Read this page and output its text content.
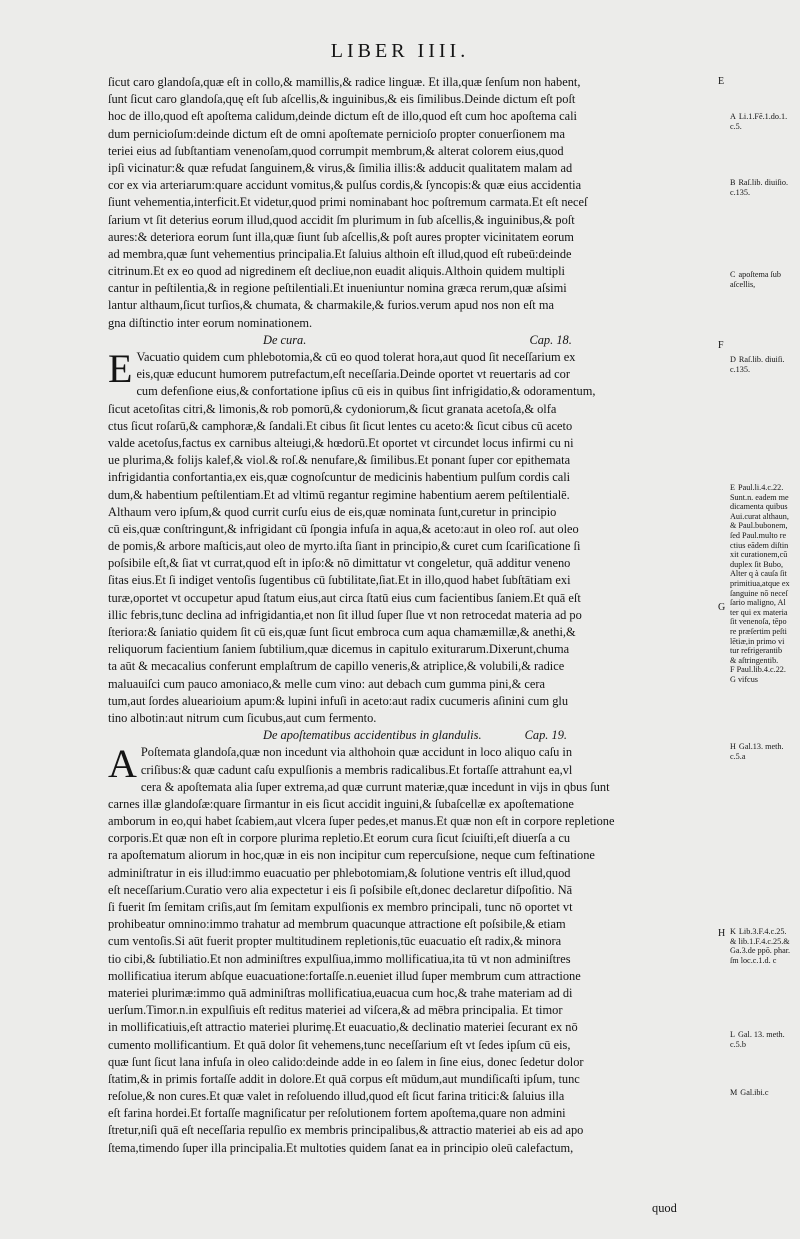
LIBER IIII.
ſicut caro glandoſa,quæ eſt in collo,& mamillis,& radice linguæ. Et illa,quæ ſenſum non habent,
ſunt ſicut caro glandoſa,quę eſt ſub aſcellis,& inguinibus,& eis ſimilibus.Deinde dictum eſt poſt
hoc de illo,quod eſt apoſtema calidum,deinde dictum eſt de illo,quod eſt cum hoc apoſtema cali
dum pernicioſum:deinde dictum eſt de omni apoſtemate pernicioſo propter conuerſionem ma
teriei eius ad ſubſtantiam venenoſam,quod corrumpit membrum,& alterat colorem eius,quod
ipſi vicinatur:& quæ refudat ſanguinem,& virus,& ſimilia illis:& adducit qualitatem malam ad
cor ex via arteriarum:quare accidunt vomitus,& pulſus cordis,& ſyncopis:& quæ eius accidentia
ſiunt vehementia,interficit.Et videtur,quod primi nominabant hoc poſtremum carmata.Et eſt neceſ
ſarium vt ſit deterius eorum illud,quod accidit ſm plurimum in ſub aſcellis,& inguinibus,& poſt
aures:& deteriora eorum ſunt illa,quæ ſiunt ſub aſcellis,& poſt aures propter vicinitatem eorum
ad membra,quæ ſunt vehementius principalia.Et ſaluius althoin eſt illud,quod eſt rubeū:deinde
citrinum.Et ex eo quod ad nigredinem eſt decliue,non euadit aliquis.Althoin quidem multipli
cantur in peſtilentia,& in regione peſtilentiali.Et inueniuntur nomina græca rerum,quæ aſsimi
lantur althaum,ſicut turſios,& chumata, & charmakile,& furios.verum apud nos non eſt ma
gna diſtinctio inter eorum nominationem.
De cura.	Cap. 18.
E Vacuatio quidem cum phlebotomia,& cū eo quod tolerat hora,aut quod ſit neceſſarium ex
eis,quæ educunt humorem putrefactum,eſt neceſſaria.Deinde oportet vt reuertaris ad cor
cum defenſione eius,& confortatione ipſius cū eis in quibus ſint infrigidatio,& odoramentum,
ſicut acetoſitas citri,& limonis,& rob pomorū,& cydoniorum,& ſicut granata acetoſa,& olfa
ctus ſicut roſarū,& camphoræ,& ſandali.Et cibus ſit ſicut lentes cu aceto:& ſicut cibus cū aceto
valde acetoſus,factus ex carnibus alteiugi,& hœdorū.Et oportet vt circundet locus infirmi cu ni
ue plurima,& folijs kalef,& viol.& roſ.& nenufare,& ſimilibus.Et ponant ſuper cor epithemata
infrigidantia confortantia,ex eis,quæ cognoſcuntur de medicinis habentium pulſum cordis cali
dum,& habentium peſtilentiam.Et ad vltimū regantur regimine habentium aerem peſtilentialē.
Althaum vero ipſum,& quod currit curſu eius de eis,quæ nominata ſunt,curetur in principio
cū eis,quæ conſtringunt,& infrigidant cū ſpongia infuſa in aqua,& aceto:aut in oleo roſ. aut oleo
de pomis,& arbore maſticis,aut oleo de myrto.iſta ſiant in principio,& curet cum ſcariſicatione ſi
poſsibile eſt,& ſiat vt currat,quod eſt in ipſo:& nō dimittatur vt congeletur, quā additur veneno
ſitas eius.Et ſi indiget ventoſis ſugentibus cū ſubtilitate,ſiat.Et in illo,quod habet ſubſtātiam exi
turæ,oportet vt occupetur apud ſtatum eius,aut circa ſtatū eius cum facientibus ſaniem.Et quā eſt
illic febris,tunc declina ad infrigidantia,et non ſit illud ſuper ſlue vt non retrocedat materia ad po
ſteriora:& ſaniatio quidem ſit cū eis,quæ ſunt ſicut embroca cum aqua chamæmillæ,& anethi,&
reliquorum facientium ſaniem ſubtilium,quæ dicemus in capitulo exiturarum.Dixerunt,chuma
ta aūt & mecacalius conferunt emplaſtrum de capillo veneris,& atriplice,& volubili,& radice
maluauiſci cum pauco amoniaco,& melle cum vino: aut debach cum gumma pini,& cera
tum,aut ſordes aluearioium apum:& lupini infuſi in aceto:aut radix cucumeris aſinini cum glu
tino albotin:aut nitrum cum ſicubus,aut cum fermento.
De apoſtematibus accidentibus in glandulis.	Cap. 19.
A Poſtemata glandoſa,quæ non incedunt via althohoin quæ accidunt in loco aliquo caſu in
criſibus:& quæ cadunt caſu expulſionis a membris radicalibus.Et fortaſſe attrahunt ea,vl
cera & apoſtemata alia ſuper extrema,ad quæ currunt materiæ,quæ incedunt in vijs in qbus ſunt
carnes illæ glandoſæ:quare ſirmantur in eis ſicut accidit inguini,& ſubaſcellæ ex apoſtematione
amborum in eo,qui habet ſcabiem,aut vlcera ſuper pedes,et manus.Et quæ non eſt in corpore repletione
corporis.Et quæ non eſt in corpore plurima repletio.Et eorum cura ſicut ſciuiſti,eſt diuerſa a cu
ra apoſtematum aliorum in hoc,quæ in eis non incipitur cum repercuſsione, neque cum feſtinatione
adminiſtratur in eis illud:immo euacuatio per phlebotomiam,& ſolutione ventris eſt illud,quod
eſt neceſſarium.Curatio vero alia expectetur i eis ſi poſsibile eſt,donec declaretur diſpoſitio. Nā
ſi fuerit ſm ſemitam criſis,aut ſm ſemitam expulſionis ex membro principali, tunc nō oportet vt
prohibeatur omnino:immo trahatur ad membrum quacunque attractione eſt poſsibile,& etiam
cum ventoſis.Si aūt fuerit propter multitudinem repletionis,tūc euacuatio eſt radix,& minora
tio cibi,& ſubtiliatio.Et non adminiſtres expulſiua,immo mollificatiua,ita tū vt non adminiſtres
mollificatiua iterum abſque euacuatione:fortaſſe.n.eueniet illud ſuper membrum cum attractione
materiei plurimæ:immo quā adminiſtras mollificatiua,euacua cum hoc,& trahe materiam ad di
uerſum.Timor.n.in expulſiuis eſt reditus materiei ad viſcera,& ad mēbra principalia. Et timor
in mollificatiuis,eſt attractio materiei plurimę.Et euacuatio,& declinatio materiei ſecurant ex nō
cumento mollificantium. Et quā dolor ſit vehemens,tunc neceſſarium eſt vt ſedes ipſum cū eis,
quæ ſunt ſicut lana infuſa in oleo calido:deinde adde in eo ſalem in ſine eius, donec ſedetur dolor
ſtatim,& in primis fortaſſe addit in dolore.Et quā corpus eſt mūdum,aut mundiſicaſti ipſum, tunc
reſolue,& non cures.Et quæ valet in reſoluendo illud,quod eſt ſicut farina tritici:& ſaluius illa
eſt farina hordei.Et fortaſſe magniſicatur per reſolutionem fortem apoſtema,quare non admini
ſtretur,niſi quā eſt neceſſaria repulſio ex membris principalibus,& attractio materiei ab eis ad apo
ſtema,timendo ſuper illa principalia.Et multoties quidem ſanat ea in principio oleū calefactum,
E
F
G
H
A Li.1.Fē.1.do.1.
c.5.
B Raſ.lib. diuiſio.
c.135.
C apoſtema ſub
aſcellis,
D Raſ.lib. diuiſi.
c.135.
E Paul.li.4.c.22.
Sunt.n. eadem me
dicamenta quibus
Aui.curat althaun,
& Paul.bubonem,
ſed Paul.multo re
ctius eādem diſtin
xit curationem,cū
duplex ſit Bubo,
Alter q à cauſa ſit
primitiua,atque ex
ſanguine nō neceſ
ſario maligno, Al
ter qui ex materia
ſit venenoſa, tēpo
re præſertim peſti
lētiæ,in primo vi
tur refrigerantib
& aſtringentib.
F Paul.lib.4.c.22.
G vifcus
H Gal.13. meth.
c.5.a
K Lib.3.F.4.c.25.
& lib.1.F.4.c.25.&
Ga.3.de ppō. phar.
ſm loc.c.1.d. c
L Gal. 13. meth.
c.5.b
M Gal.ibi.c
quod
